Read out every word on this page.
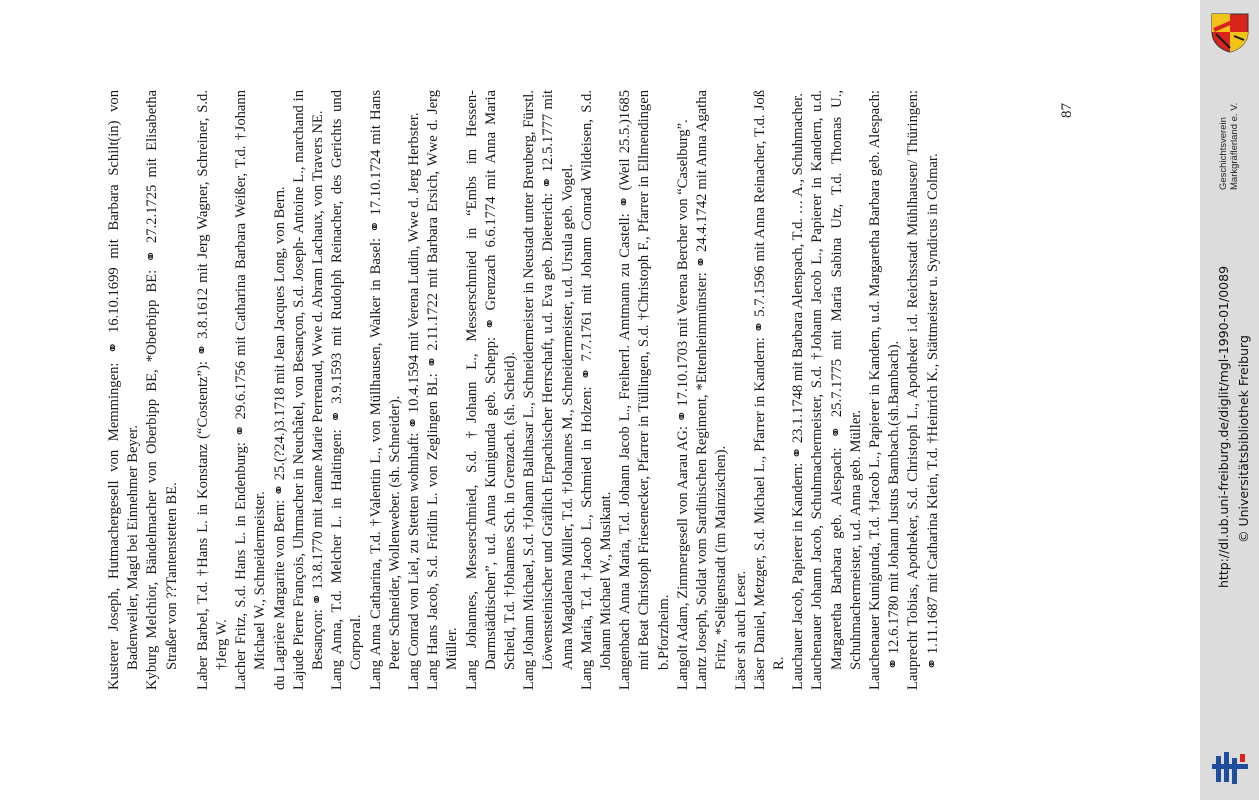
Kusterer Joseph, Hutmachergesell von Memmingen: ⚭ 16.10.1699 mit Barbara Schilt(in) von Badenweiler, Magd bei Einnehmer Beyer. Kyburg Melchior, Bändelmacher von Oberbipp BE, *Oberbipp BE: ⚭ 27.2.1725 mit Elisabetha Straßer von ??Tantenstetten BE. Laber Barbel, T.d. †Hans L. in Konstanz (“Costentz”): ⚭ 3.8.1612 mit Jerg Wagner, Schreiner, S.d. †Jerg W. Lacher Fritz, S.d. Hans L. in Endenburg: ⚭ 29.6.1756 mit Catharina Barbara Weißer, T.d. †Johann Michael W., Schneidermeister. du Lagrière Margarite von Bern: ⚭ 25.(?24.)3.1718 mit Jean Jacques Long, von Bern. Lajude Pierre François, Uhrmacher in Neuchâtel, von Besançon, S.d. Joseph- Antoine L., marchand in Besançon: ⚭ 13.8.1770 mit Jeanne Marie Perrenaud, Wwe d. Abram Lachaux, von Travers NE. Lang Anna, T.d. Melcher L. in Haltingen: ⚭ 3.9.1593 mit Rudolph Reinacher, des Gerichts und Corporal. Lang Anna Catharina, T.d. †Valentin L., von Müllhausen, Walker in Basel: ⚭ 17.10.1724 mit Hans Peter Schneider, Wollenweber. (sh. Schneider). Lang Conrad von Liel, zu Stetten wohnhaft: ⚭ 10.4.1594 mit Verena Ludin, Wwe d. Jerg Herbster. Lang Hans Jacob, S.d. Fridlin L. von Zeglingen BL: ⚭ 2.11.1722 mit Barbara Ersich, Wwe d. Jerg Müller. Lang Johannes, Messerschmied, S.d. †Johann L., Messerschmied in “Embs im Hessen-Darmstädtischen”, u.d. Anna Kunigunda geb. Schepp: ⚭ Grenzach 6.6.1774 mit Anna Maria Scheid, T.d. †Johannes Sch. in Grenzach. (sh. Scheid). Lang Johann Michael, S.d. †Johann Balthasar L., Schneidermeister in Neustadt unter Breuberg, Fürstl. Löwensteinischer und Gräflich Erpachischer Herrschaft, u.d. Eva geb. Dieterich: ⚭ 12.5.1777 mit Anna Magdalena Müller, T.d. †Johannes M., Schneidermeister, u.d. Ursula geb. Vogel. Lang Maria, T.d. †Jacob L., Schmied in Holzen: ⚭ 7.7.1761 mit Johann Conrad Wildeisen, S.d. Johann Michael W., Musikant. Langenbach Anna Maria, T.d. Johann Jacob L., Freiherrl. Amtmann zu Castell: ⚭ (Weil 25.5.)1685 mit Beat Christoph Friesenecker, Pfarrer in Tüllingen, S.d. †Christoph F., Pfarrer in Ellmendingen b.Pforzheim. Langolt Adam, Zimmergesell von Aarau AG: ⚭ 17.10.1703 mit Verena Bercher von “Caselburg”. Lantz Joseph, Soldat vom Sardinischen Regiment, *Ettenheimmünster: ⚭ 24.4.1742 mit Anna Agatha Fritz, *Seligenstadt (im Mainzischen). Läser sh auch Leser. Läser Daniel, Metzger, S.d. Michael L., Pfarrer in Kandern: ⚭ 5.7.1596 mit Anna Reinacher, T.d. Joß R. Lauchauer Jacob, Papierer in Kandern: ⚭ 23.1.1748 mit Barbara Alenspach, T.d. … A., Schuhmacher. Lauchenauer Johann Jacob, Schuhmachermeister, S.d. †Johann Jacob L., Papierer in Kandern, u.d. Margaretha Barbara geb. Alespach: ⚭ 25.7.1775 mit Maria Sabina Utz, T.d. Thomas U., Schuhmachermeister, u.d. Anna geb. Müller. Lauchenauer Kunigunda, T.d. †Jacob L., Papierer in Kandern, u.d. Margaretha Barbara geb. Alespach: ⚭ 12.6.1780 mit Johann Justus Bambach.(sh.Bambach). Lauprecht Tobias, Apotheker, S.d. Christoph L., Apotheker i.d. Reichsstadt Mühlhausen/ Thüringen: ⚭ 1.11.1687 mit Catharina Klein, T.d. †Heinrich K., Stättmeister u. Syndicus in Colmar.

87
Geschichtsverein Markgräflerland e. V.
http://dl.ub.uni-freiburg.de/diglit/mgl-1990-01/0089 © Universitätsbibliothek Freiburg
